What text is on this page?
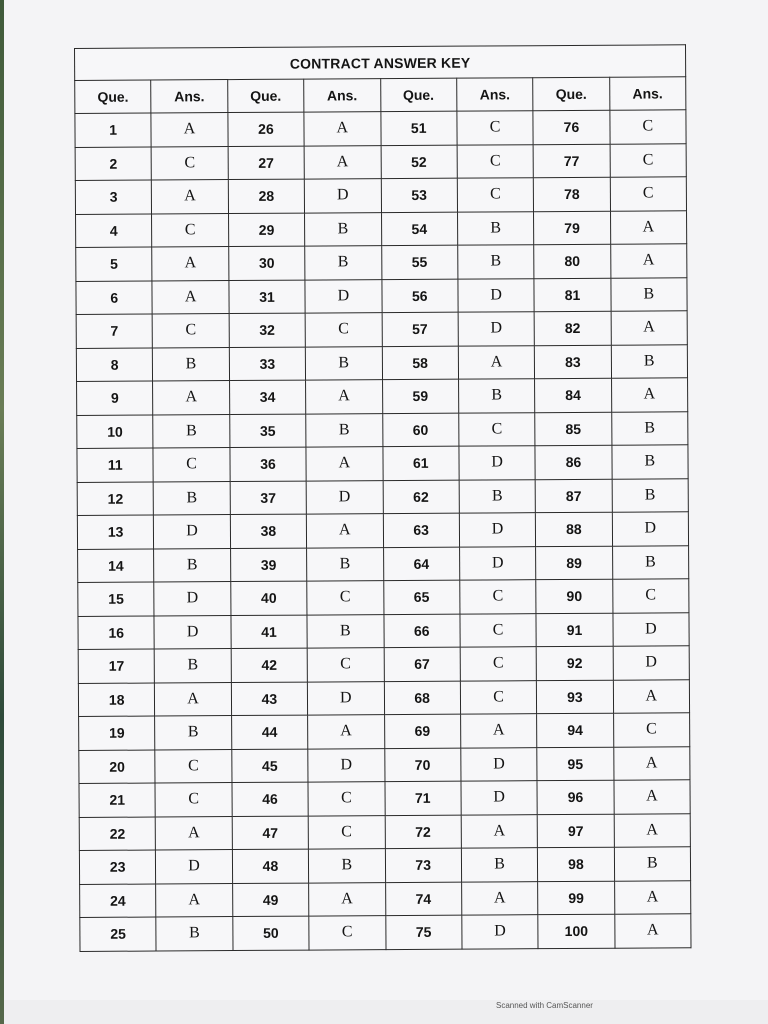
CONTRACT ANSWER KEY							
Que.	Ans.	Que.	Ans.	Que.	Ans.	Que.	Ans.
1	A	26	A	51	C	76	C
2	C	27	A	52	C	77	C
3	A	28	D	53	C	78	C
4	C	29	B	54	B	79	A
5	A	30	B	55	B	80	A
6	A	31	D	56	D	81	B
7	C	32	C	57	D	82	A
8	B	33	B	58	A	83	B
9	A	34	A	59	B	84	A
10	B	35	B	60	C	85	B
11	C	36	A	61	D	86	B
12	B	37	D	62	B	87	B
13	D	38	A	63	D	88	D
14	B	39	B	64	D	89	B
15	D	40	C	65	C	90	C
16	D	41	B	66	C	91	D
17	B	42	C	67	C	92	D
18	A	43	D	68	C	93	A
19	B	44	A	69	A	94	C
20	C	45	D	70	D	95	A
21	C	46	C	71	D	96	A
22	A	47	C	72	A	97	A
23	D	48	B	73	B	98	B
24	A	49	A	74	A	99	A
25	B	50	C	75	D	100	A
Scanned with CamScanner
